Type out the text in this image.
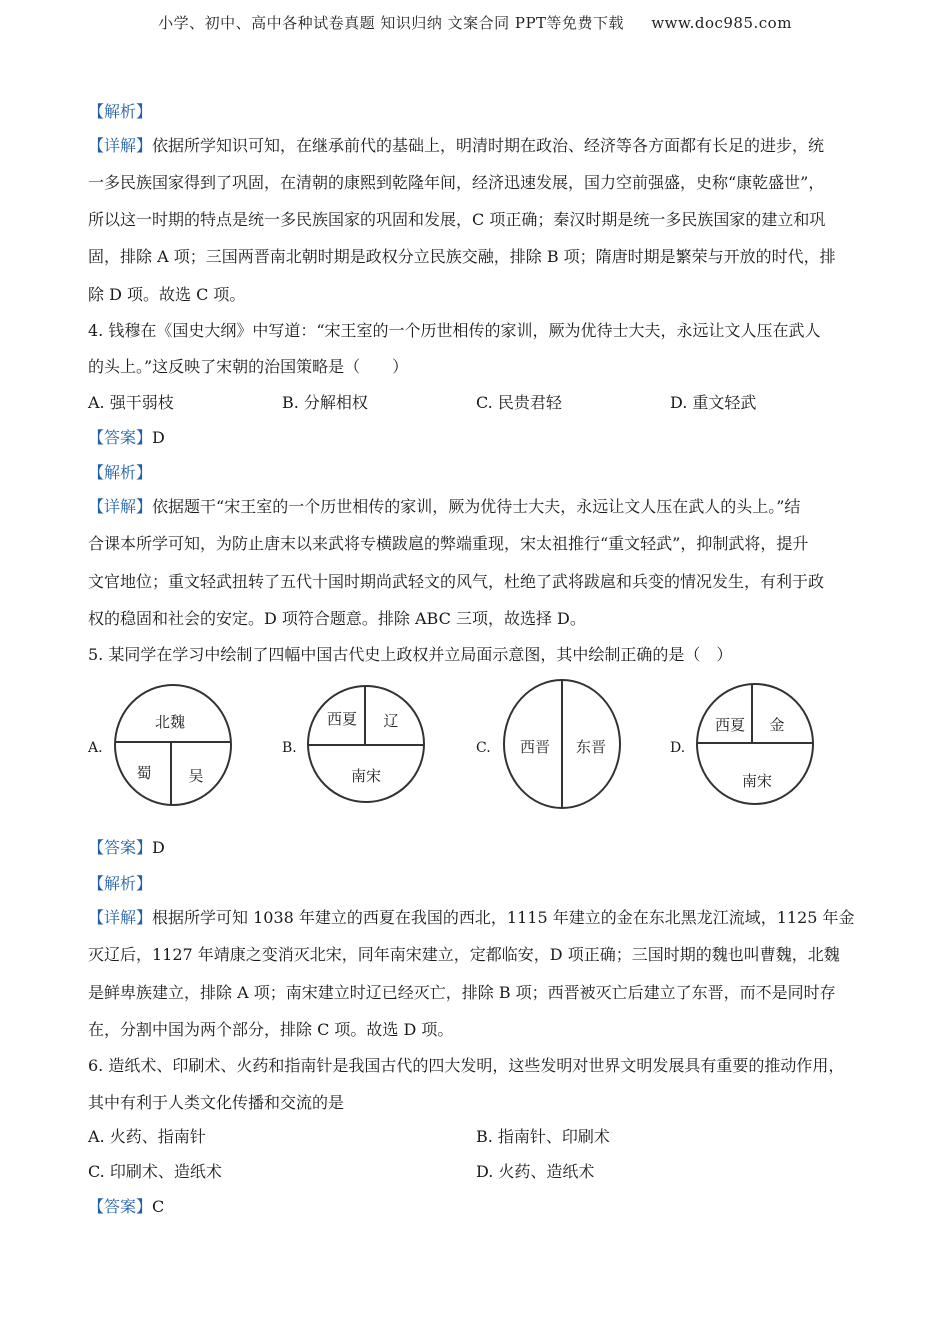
小学、初中、高中各种试卷真题 知识归纳 文案合同 PPT等免费下载 www.doc985.com
【解析】
【详解】依据所学知识可知，在继承前代的基础上，明清时期在政治、经济等各方面都有长足的进步，统
一多民族国家得到了巩固，在清朝的康熙到乾隆年间，经济迅速发展，国力空前强盛，史称“康乾盛世”，
所以这一时期的特点是统一多民族国家的巩固和发展，C 项正确；秦汉时期是统一多民族国家的建立和巩
固，排除 A 项；三国两晋南北朝时期是政权分立民族交融，排除 B 项；隋唐时期是繁荣与开放的时代，排
除 D 项。故选 C 项。
4. 钱穆在《国史大纲》中写道：“宋王室的一个历世相传的家训，厥为优待士大夫，永远让文人压在武人
的头上。”这反映了宋朝的治国策略是（　　）
A. 强干弱枝	B. 分解相权	C. 民贵君轻	D. 重文轻武
【答案】D
【解析】
【详解】依据题干“宋王室的一个历世相传的家训，厥为优待士大夫，永远让文人压在武人的头上。”结
合课本所学可知，为防止唐末以来武将专横跋扈的弊端重现，宋太祖推行“重文轻武”，抑制武将，提升
文官地位；重文轻武扭转了五代十国时期尚武轻文的风气，杜绝了武将跋扈和兵变的情况发生，有利于政
权的稳固和社会的安定。D 项符合题意。排除 ABC 三项，故选择 D。
5. 某同学在学习中绘制了四幅中国古代史上政权并立局面示意图，其中绘制正确的是（　）
A.
北魏
蜀 吴
B.
西夏 辽
南宋
C. 西晋 东晋	D.
西夏 金
南宋
【答案】D
【解析】
【详解】根据所学可知 1038 年建立的西夏在我国的西北，1115 年建立的金在东北黑龙江流域，1125 年金
灭辽后，1127 年靖康之变消灭北宋，同年南宋建立，定都临安，D 项正确；三国时期的魏也叫曹魏，北魏
是鲜卑族建立，排除 A 项；南宋建立时辽已经灭亡，排除 B 项；西晋被灭亡后建立了东晋，而不是同时存
在，分割中国为两个部分，排除 C 项。故选 D 项。
6. 造纸术、印刷术、火药和指南针是我国古代的四大发明，这些发明对世界文明发展具有重要的推动作用，
其中有利于人类文化传播和交流的是
A. 火药、指南针	B. 指南针、印刷术
C. 印刷术、造纸术	D. 火药、造纸术
【答案】C
